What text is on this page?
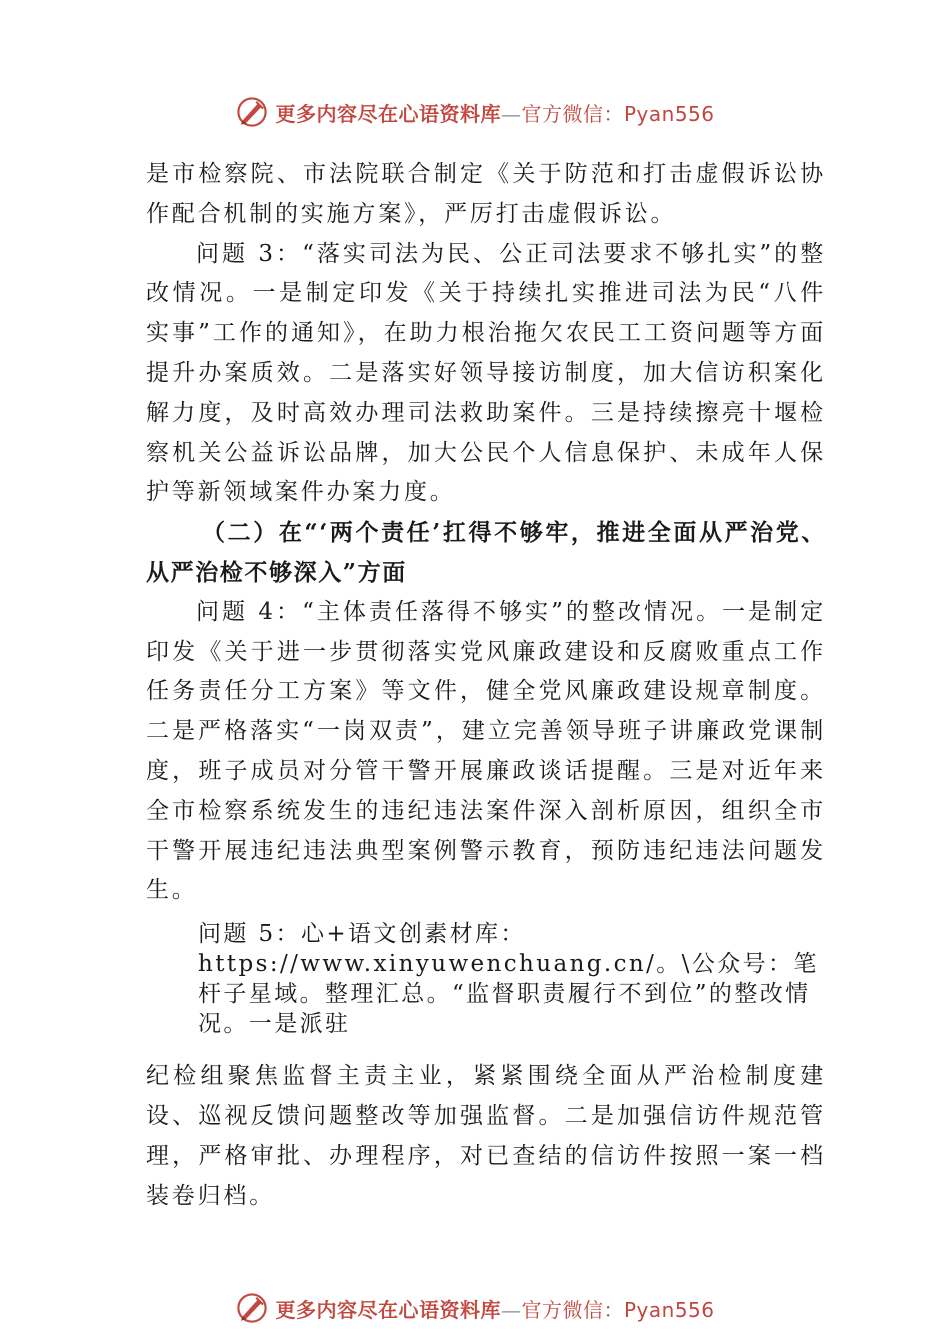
更多内容尽在心语资料库—官方微信：Pyan556

是市检察院、市法院联合制定《关于防范和打击虚假诉讼协作配合机制的实施方案》，严厉打击虚假诉讼。

问题 3：“落实司法为民、公正司法要求不够扎实”的整改情况。一是制定印发《关于持续扎实推进司法为民“八件实事”工作的通知》，在助力根治拖欠农民工工资问题等方面提升办案质效。二是落实好领导接访制度，加大信访积案化解力度，及时高效办理司法救助案件。三是持续擦亮十堰检察机关公益诉讼品牌，加大公民个人信息保护、未成年人保护等新领域案件办案力度。

（二）在“‘两个责任’扛得不够牢，推进全面从严治党、从严治检不够深入”方面

问题 4：“主体责任落得不够实”的整改情况。一是制定印发《关于进一步贯彻落实党风廉政建设和反腐败重点工作任务责任分工方案》等文件，健全党风廉政建设规章制度。 二是严格落实“一岗双责”，建立完善领导班子讲廉政党课制度，班子成员对分管干警开展廉政谈话提醒。三是对近年来全市检察系统发生的违纪违法案件深入剖析原因，组织全市干警开展违纪违法典型案例警示教育，预防违纪违法问题发生。

问题 5：心+语文创素材库：

https://www.xinyuwenchuang.cn/。\公众号：笔杆子星域。整理汇总。“监督职责履行不到位”的整改情况。一是派驻

纪检组聚焦监督主责主业，紧紧围绕全面从严治检制度建设、巡视反馈问题整改等加强监督。二是加强信访件规范管理，严格审批、办理程序，对已查结的信访件按照一案一档装卷归档。

更多内容尽在心语资料库—官方微信：Pyan556
